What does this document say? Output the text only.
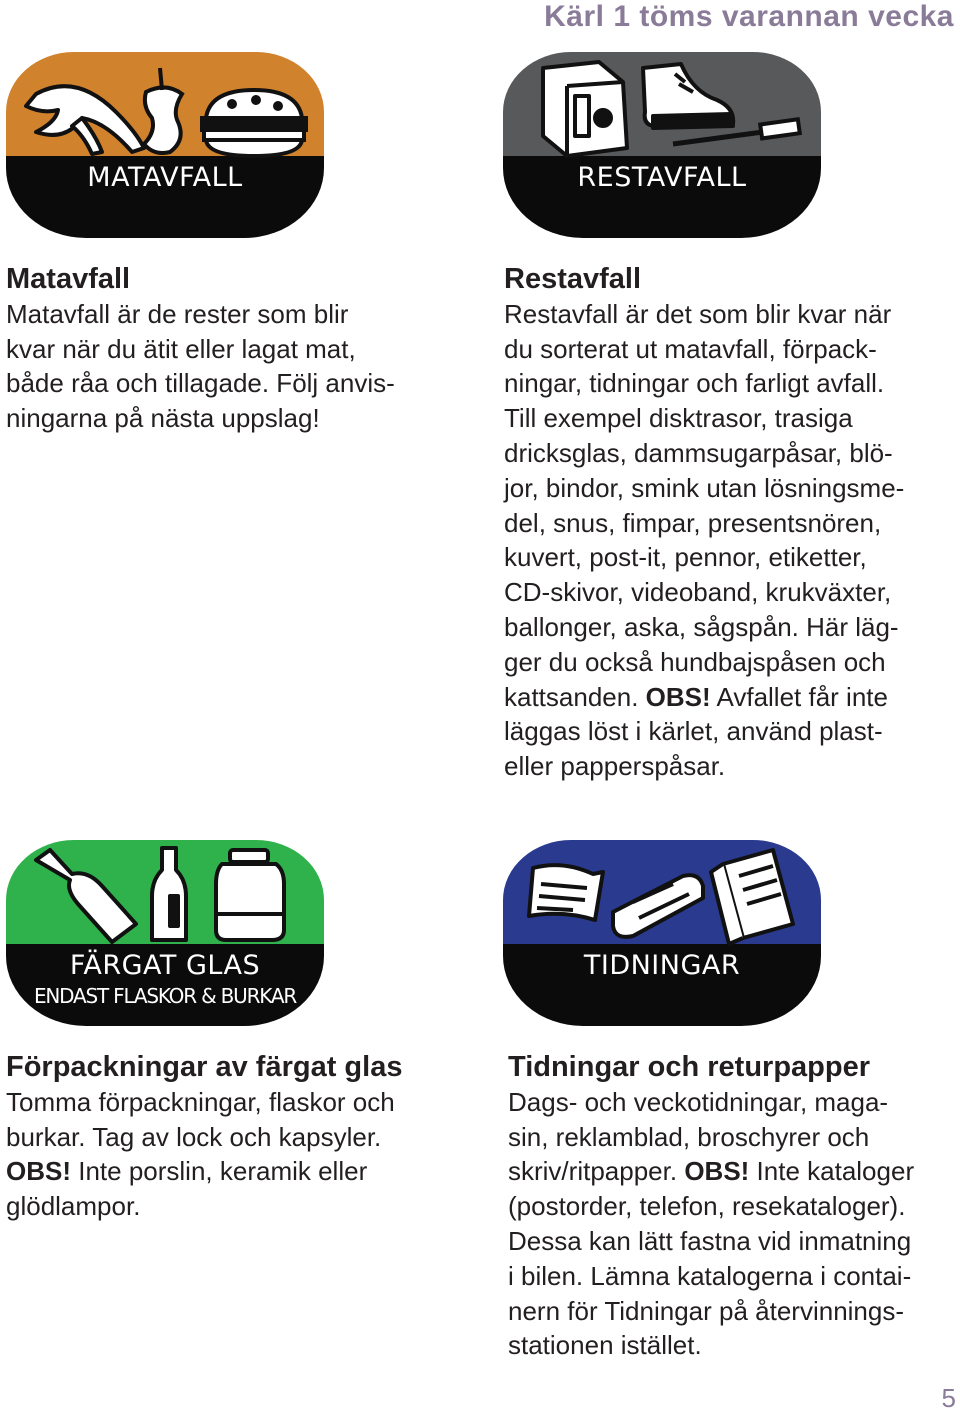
Kärl 1 töms varannan vecka
MATAVFALL	RESTAVFALL
Matavfall

Matavfall är de rester som blir

kvar när du ätit eller lagat mat,

både råa och tillagade. Följ anvis-

ningarna på nästa uppslag!

Restavfall

Restavfall är det som blir kvar när

du sorterat ut matavfall, förpack-

ningar, tidningar och farligt avfall.

Till exempel disktrasor, trasiga

dricksglas, dammsugarpåsar, blö-

jor, bindor, smink utan lösningsme-

del, snus, fimpar, presentsnören,

kuvert, post-it, pennor, etiketter,

CD-skivor, videoband, krukväxter,

ballonger, aska, sågspån. Här läg-

ger du också hundbajspåsen och

kattsanden. OBS! Avfallet får inte

läggas löst i kärlet, använd plast-

eller papperspåsar.

FÄRGAT GLAS
ENDAST FLASKOR & BURKAR
TIDNINGAR
Förpackningar av färgat glas

Tomma förpackningar, flaskor och

burkar. Tag av lock och kapsyler.

OBS! Inte porslin, keramik eller

glödlampor.

Tidningar och returpapper

Dags- och veckotidningar, maga-

sin, reklamblad, broschyrer och

skriv/ritpapper. OBS! Inte kataloger

(postorder, telefon, resekataloger).

Dessa kan lätt fastna vid inmatning

i bilen. Lämna katalogerna i contai-

nern för Tidningar på återvinnings-

stationen istället.

5
